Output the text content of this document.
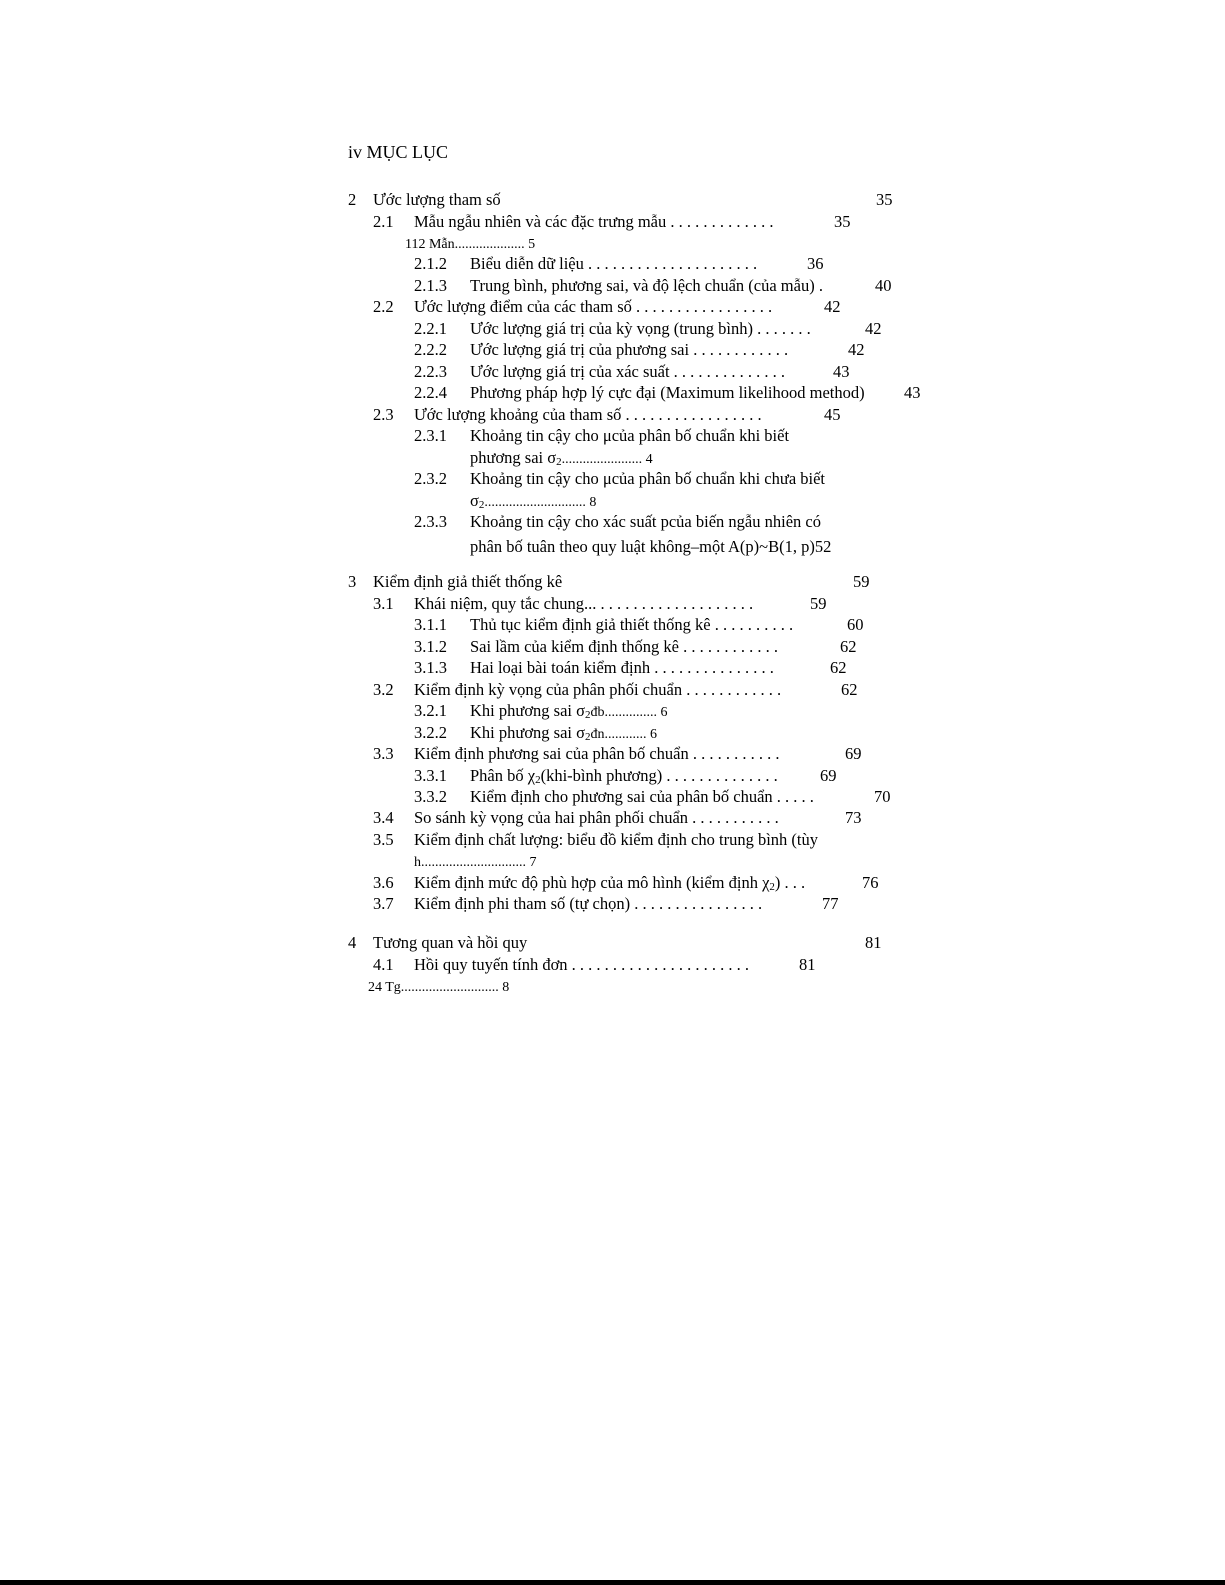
iv MỤC LỤC
2 Ước lượng tham số	35
2.1 Mẫu ngẫu nhiên và các đặc trưng mẫu . . . . . . . . . . . . .	35
112 Mẫn.................... 5
2.1.2 Biểu diễn dữ liệu . . . . . . . . . . . . . . . . . . . . .	36
2.1.3 Trung bình, phương sai, và độ lệch chuẩn (của mẫu) .	40
2.2 Ước lượng điểm của các tham số . . . . . . . . . . . . . . . . .	42
2.2.1 Ước lượng giá trị của kỳ vọng (trung bình) . . . . . . .	42
2.2.2 Ước lượng giá trị của phương sai . . . . . . . . . . . .	42
2.2.3 Ước lượng giá trị của xác suất . . . . . . . . . . . . . .	43
2.2.4 Phương pháp hợp lý cực đại (Maximum likelihood method) 43
2.3 Ước lượng khoảng của tham số . . . . . . . . . . . . . . . . .	45
2.3.1 Khoảng tin cậy cho μcủa phân bố chuẩn khi biết
phương sai σ2....................... 4
2.3.2 Khoảng tin cậy cho μcủa phân bố chuẩn khi chưa biết
σ2............................. 8
2.3.3 Khoảng tin cậy cho xác suất pcủa biến ngẫu nhiên có
phân bố tuân theo quy luật không–một A(p)~B(1, p)52
3 Kiểm định giả thiết thống kê	59
3.1 Khái niệm, quy tắc chung... . . . . . . . . . . . . . . . . . . .	59
3.1.1 Thủ tục kiểm định giả thiết thống kê . . . . . . . . . .	60
3.1.2 Sai lầm của kiểm định thống kê . . . . . . . . . . . .	62
3.1.3 Hai loại bài toán kiểm định . . . . . . . . . . . . . . .	62
3.2 Kiểm định kỳ vọng của phân phối chuẩn . . . . . . . . . . . .	62
3.2.1 Khi phương sai σ2đb............... 6
3.2.2 Khi phương sai σ2đn............ 6
3.3 Kiểm định phương sai của phân bố chuẩn . . . . . . . . . . .	69
3.3.1 Phân bố χ2(khi-bình phương) . . . . . . . . . . . . . .	69
3.3.2 Kiểm định cho phương sai của phân bố chuẩn . . . . .	70
3.4 So sánh kỳ vọng của hai phân phối chuẩn . . . . . . . . . . .	73
3.5 Kiểm định chất lượng: biểu đồ kiểm định cho trung bình (tùy
h.............................. 7
3.6 Kiểm định mức độ phù hợp của mô hình (kiểm định χ2) . . .	76
3.7 Kiểm định phi tham số (tự chọn) . . . . . . . . . . . . . . . .	77
4 Tương quan và hồi quy	81
4.1 Hồi quy tuyến tính đơn . . . . . . . . . . . . . . . . . . . . . .	81
24 Tg............................ 8
